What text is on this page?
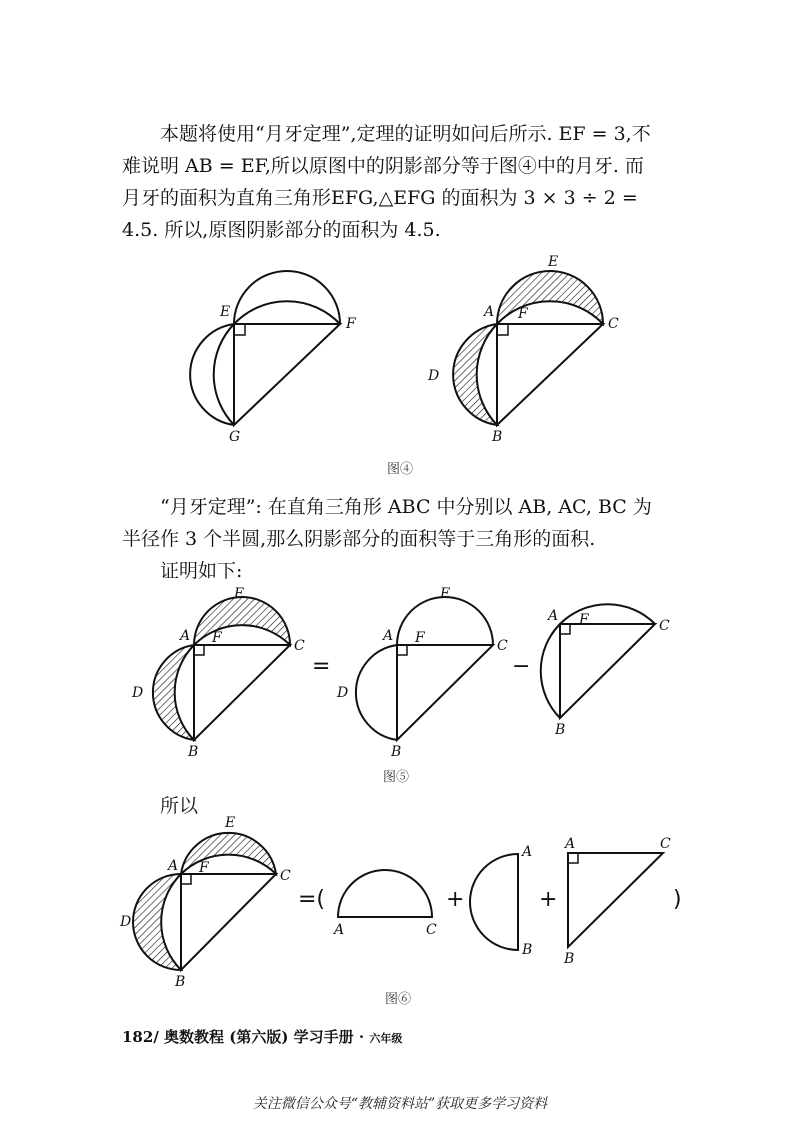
本题将使用“月牙定理”,定理的证明如问后所示. EF = 3,不
难说明 AB = EF,所以原图中的阴影部分等于图④中的月牙. 而
月牙的面积为直角三角形EFG,△EFG 的面积为 3 × 3 ÷ 2 =
4.5. 所以,原图阴影部分的面积为 4.5.
E
F
G
E
A F
C
D
B
图④
“月牙定理”: 在直角三角形 ABC 中分别以 AB, AC, BC 为
半径作 3 个半圆,那么阴影部分的面积等于三角形的面积.
证明如下:
E
A F	C
D
B
=
E
A F	C
D
B
−
A F	C
B
图⑤
所以
E
A F	C
D
B
=(
A	C
+
A
B
+
A	C
B
)
图⑥
182/ 奥数教程 (第六版) 学习手册 · 六年级
关注微信公众号“教辅资料站”获取更多学习资料
